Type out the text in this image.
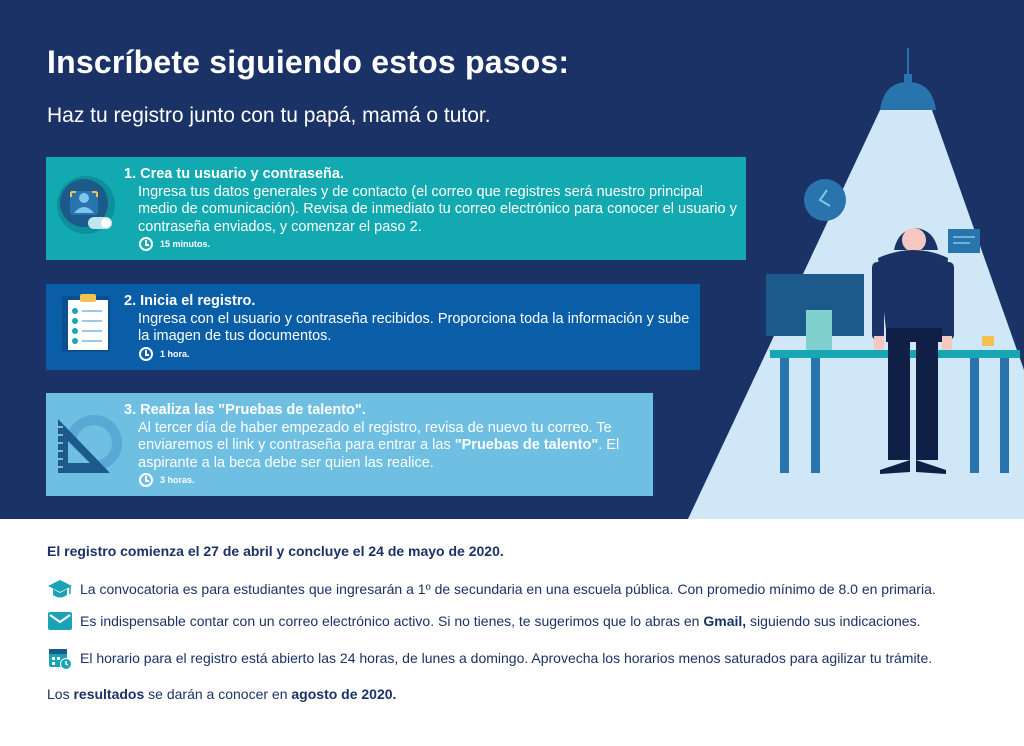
Inscríbete siguiendo estos pasos:

Haz tu registro junto con tu papá, mamá o tutor.

1. Crea tu usuario y contraseña.
Ingresa tus datos generales y de contacto (el correo que registres será nuestro principal medio de comunicación). Revisa de inmediato tu correo electrónico para conocer el usuario y contraseña enviados, y comenzar el paso 2.
15 minutos.
2. Inicia el registro.
Ingresa con el usuario y contraseña recibidos. Proporciona toda la información y sube la imagen de tus documentos.
1 hora.
3. Realiza las "Pruebas de talento".
Al tercer día de haber empezado el registro, revisa de nuevo tu correo. Te enviaremos el link y contraseña para entrar a las "Pruebas de talento". El aspirante a la beca debe ser quien las realice.
3 horas.
El registro comienza el 27 de abril y concluye el 24 de mayo de 2020.
La convocatoria es para estudiantes que ingresarán a 1º de secundaria en una escuela pública. Con promedio mínimo de 8.0 en primaria.
Es indispensable contar con un correo electrónico activo. Si no tienes, te sugerimos que lo abras en Gmail, siguiendo sus indicaciones.
El horario para el registro está abierto las 24 horas, de lunes a domingo. Aprovecha los horarios menos saturados para agilizar tu trámite.
Los resultados se darán a conocer en agosto de 2020.
